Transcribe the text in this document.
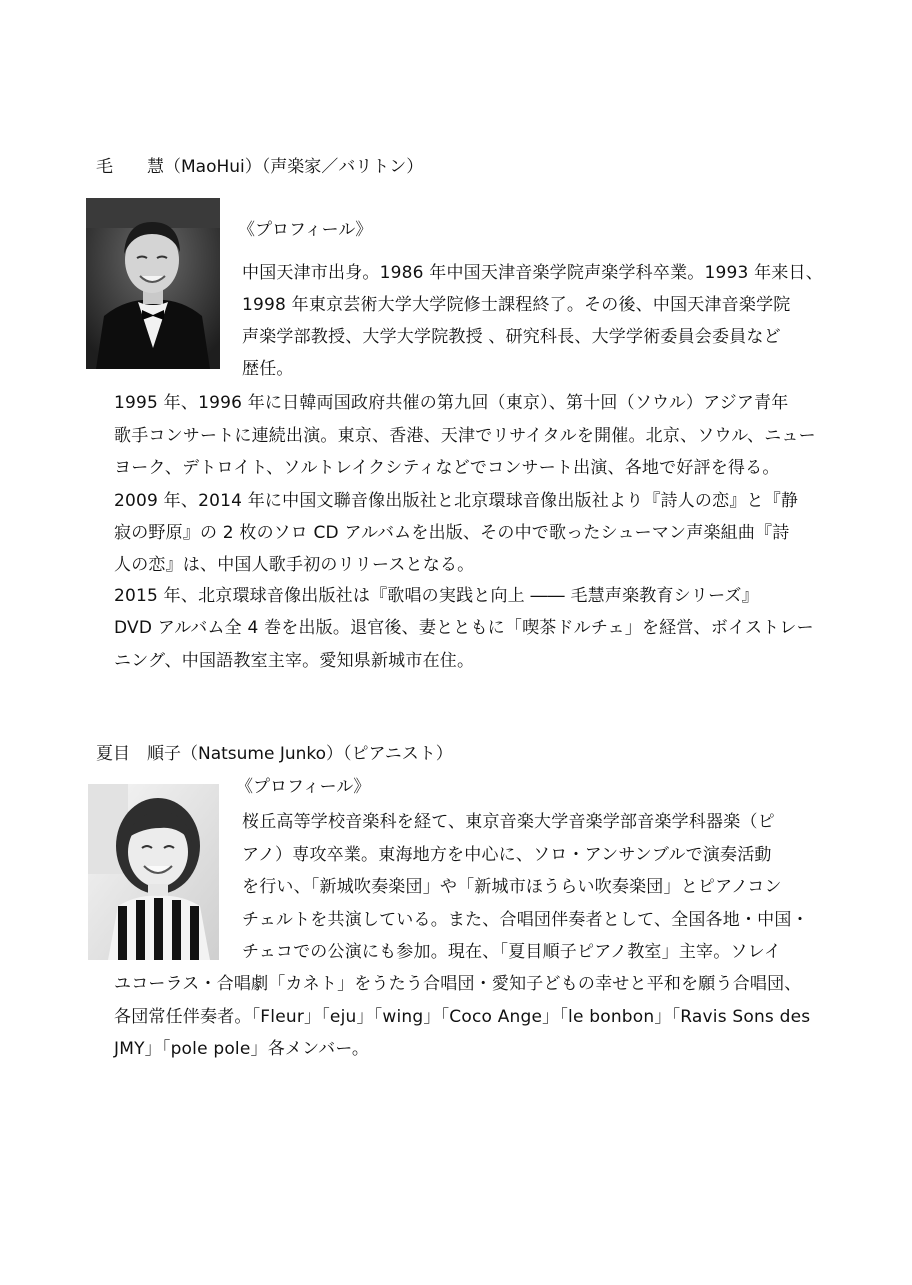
毛　　慧（MaoHui）（声楽家／バリトン）
《プロフィール》
中国天津市出身。1986 年中国天津音楽学院声楽学科卒業。1993 年来日、
1998 年東京芸術大学大学院修士課程終了。その後、中国天津音楽学院
声楽学部教授、大学大学院教授 、研究科長、大学学術委員会委員など
歴任。
1995 年、1996 年に日韓両国政府共催の第九回（東京）、第十回（ソウル）アジア青年
歌手コンサートに連続出演。東京、香港、天津でリサイタルを開催。北京、ソウル、ニュー
ヨーク、デトロイト、ソルトレイクシティなどでコンサート出演、各地で好評を得る。
2009 年、2014 年に中国文聯音像出版社と北京環球音像出版社より『詩人の恋』と『静
寂の野原』の 2 枚のソロ CD アルバムを出版、その中で歌ったシューマン声楽組曲『詩
人の恋』は、中国人歌手初のリリースとなる。
2015 年、北京環球音像出版社は『歌唱の実践と向上 ―― 毛慧声楽教育シリーズ』
DVD アルバム全 4 巻を出版。退官後、妻とともに「喫茶ドルチェ」を経営、ボイストレー
ニング、中国語教室主宰。愛知県新城市在住。
夏目　順子（Natsume Junko）（ピアニスト）
《プロフィール》
桜丘高等学校音楽科を経て、東京音楽大学音楽学部音楽学科器楽（ピ
アノ）専攻卒業。東海地方を中心に、ソロ・アンサンブルで演奏活動
を行い、「新城吹奏楽団」や「新城市ほうらい吹奏楽団」とピアノコン
チェルトを共演している。また、合唱団伴奏者として、全国各地・中国・
チェコでの公演にも参加。現在、「夏目順子ピアノ教室」主宰。ソレイ
ユコーラス・合唱劇「カネト」をうたう合唱団・愛知子どもの幸せと平和を願う合唱団、
各団常任伴奏者。「Fleur」「eju」「wing」「Coco Ange」「le bonbon」「Ravis Sons des
JMY」「pole pole」各メンバー。
